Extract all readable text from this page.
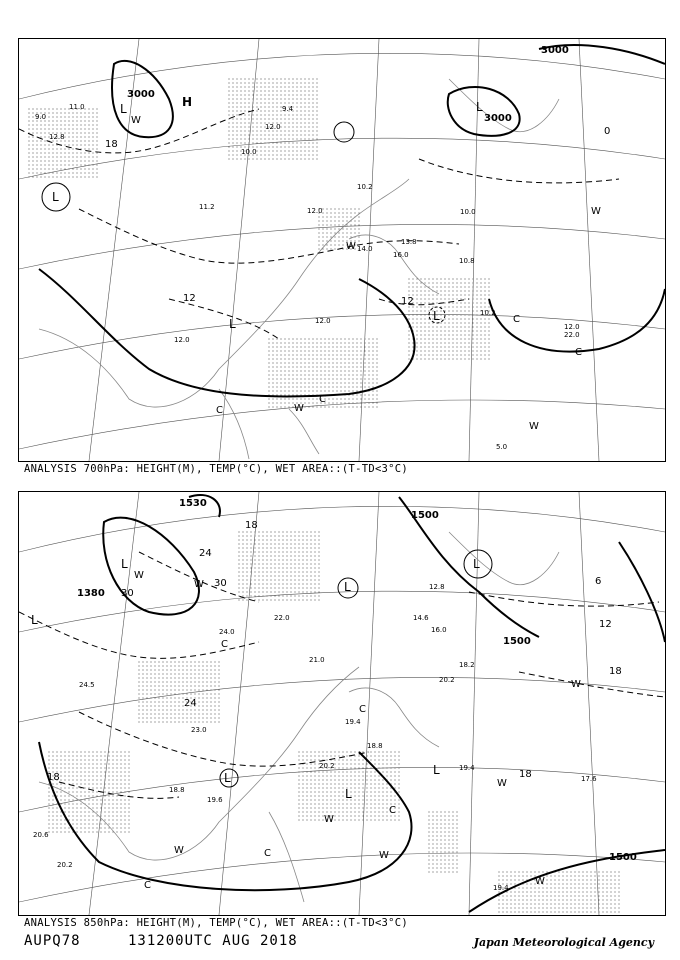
3000
3000
3000
18
12	12
0
H
L	L
L
L
L
W
W
W
W
C
C
C
C
W
11.0
10.2
12.8
9.0
10.0
12.0
12.0
14.0
10.8
11.2
13.8
16.0
12.0
10.0
9.4
12.0
10.2
12.0
5.0
22.0
ANALYSIS 700hPa: HEIGHT(M), TEMP(°C), WET AREA::(T-TD<3°C)
1530
1500
1380
1500
1500
18
24
30
30
24
12
18
18
18
6
L	L
L
L
L
L
L
W
W
W
W
C
C
C
C
W
W
W
C
W
20.6
19.4
18.8
21.0
24.0
22.0
20.2
18.2
16.0
14.6
12.8
17.6
19.4
20.2
19.6
23.0
18.8
19.4
20.2
24.5
ANALYSIS 850hPa: HEIGHT(M), TEMP(°C), WET AREA::(T-TD<3°C)
AUPQ78	131200UTC AUG 2018	Japan Meteorological Agency
